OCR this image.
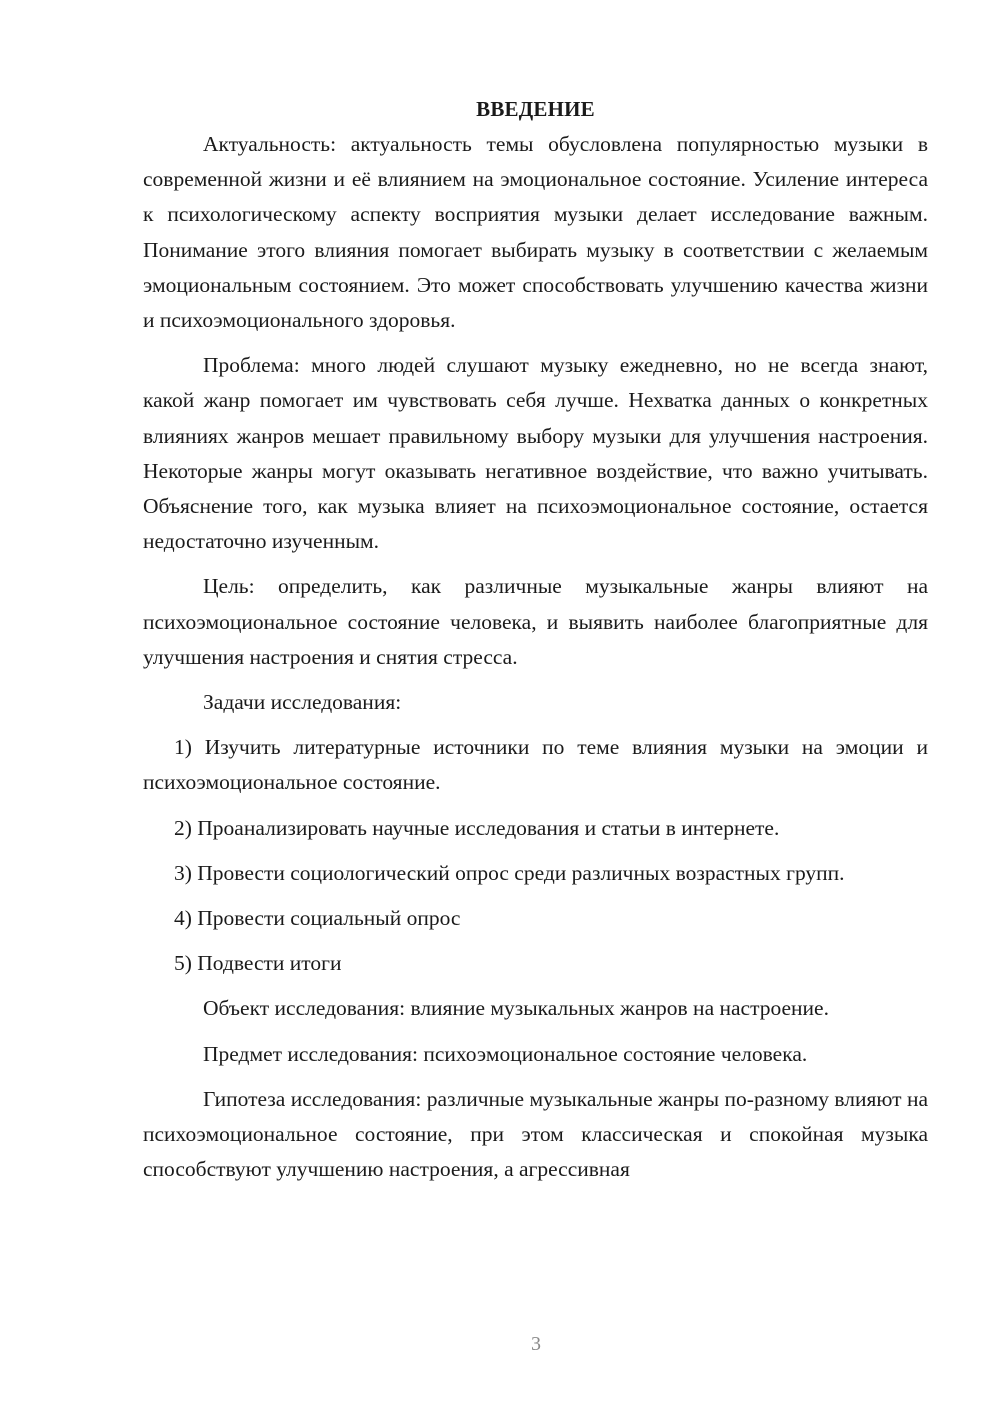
ВВЕДЕНИЕ

Актуальность: актуальность темы обусловлена популярностью музыки в современной жизни и её влиянием на эмоциональное состояние. Усиление интереса к психологическому аспекту восприятия музыки делает исследование важным. Понимание этого влияния помогает выбирать музыку в соответствии с желаемым эмоциональным состоянием. Это может способствовать улучшению качества жизни и психоэмоционального здоровья.

Проблема: много людей слушают музыку ежедневно, но не всегда знают, какой жанр помогает им чувствовать себя лучше. Нехватка данных о конкретных влияниях жанров мешает правильному выбору музыки для улучшения настроения. Некоторые жанры могут оказывать негативное воздействие, что важно учитывать. Объяснение того, как музыка влияет на психоэмоциональное состояние, остается недостаточно изученным.

Цель: определить, как различные музыкальные жанры влияют на психоэмоциональное состояние человека, и выявить наиболее благоприятные для улучшения настроения и снятия стресса.

Задачи исследования:

1) Изучить литературные источники по теме влияния музыки на эмоции и психоэмоциональное состояние.

2) Проанализировать научные исследования и статьи в интернете.

3) Провести социологический опрос среди различных возрастных групп.

4) Провести социальный опрос

5) Подвести итоги

Объект исследования: влияние музыкальных жанров на настроение.

Предмет исследования: психоэмоциональное состояние человека.

Гипотеза исследования: различные музыкальные жанры по-разному влияют на психоэмоциональное состояние, при этом классическая и спокойная музыка способствуют улучшению настроения, а агрессивная

3
